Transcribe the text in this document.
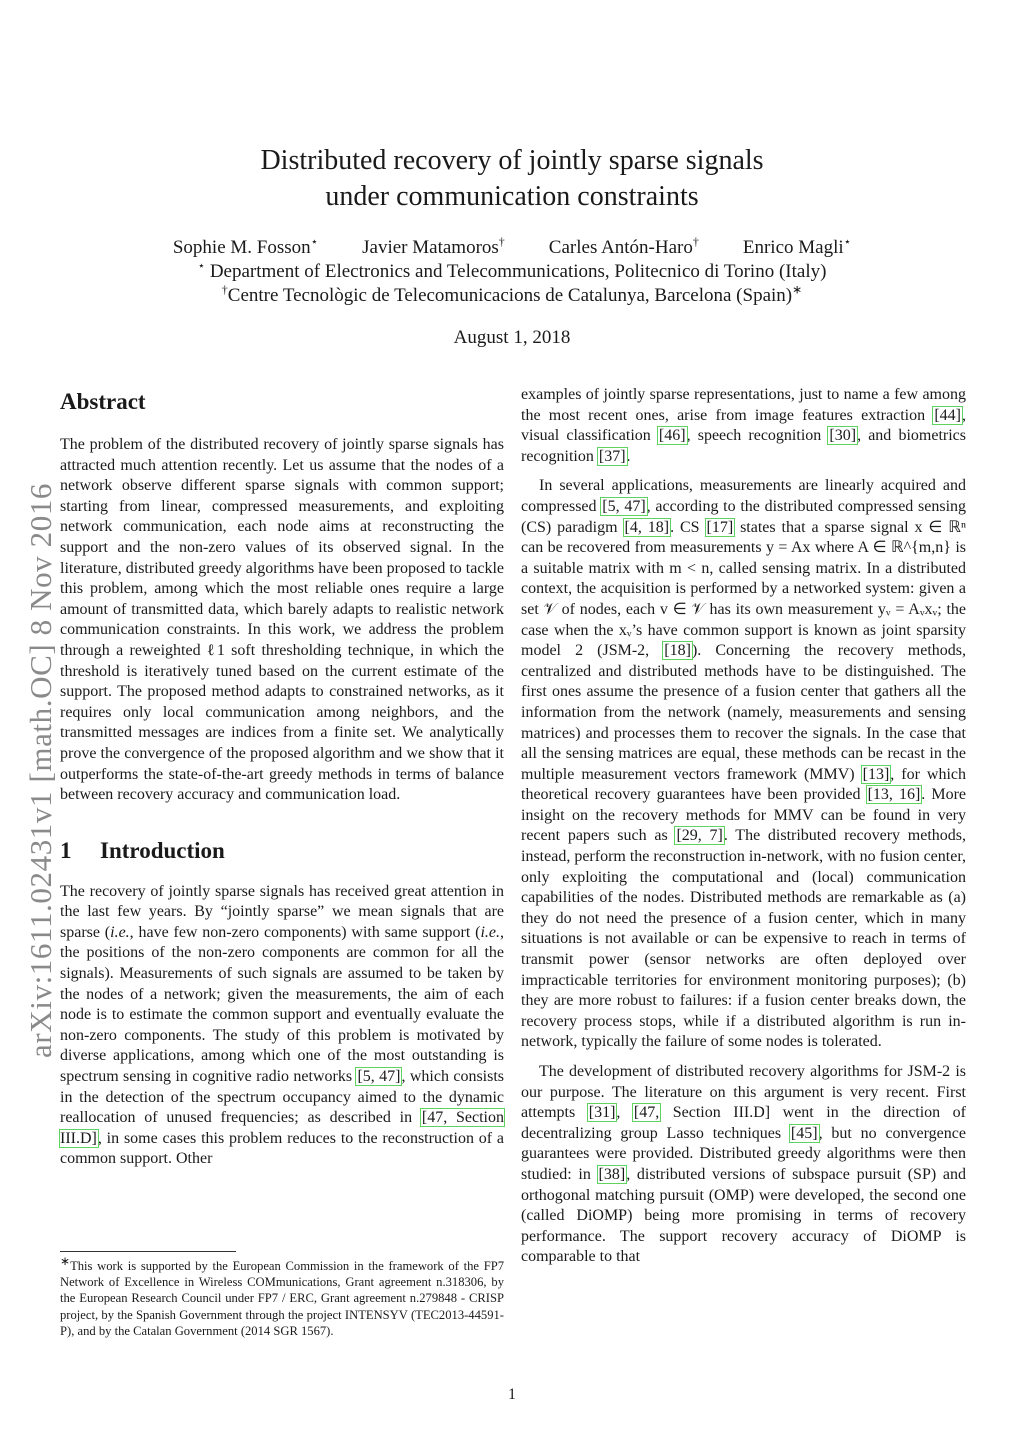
arXiv:1611.02431v1 [math.OC] 8 Nov 2016
Distributed recovery of jointly sparse signals
under communication constraints
Sophie M. Fosson⋆ Javier Matamoros† Carles Antón-Haro† Enrico Magli⋆
⋆ Department of Electronics and Telecommunications, Politecnico di Torino (Italy)
†Centre Tecnològic de Telecomunicacions de Catalunya, Barcelona (Spain)∗
August 1, 2018
Abstract

The problem of the distributed recovery of jointly sparse signals has attracted much attention recently. Let us assume that the nodes of a network observe different sparse signals with common support; starting from linear, compressed measurements, and exploiting network communication, each node aims at reconstructing the support and the non-zero values of its observed signal. In the literature, distributed greedy algorithms have been proposed to tackle this problem, among which the most reliable ones require a large amount of transmitted data, which barely adapts to realistic network communication constraints. In this work, we address the problem through a reweighted ℓ1 soft thresholding technique, in which the threshold is iteratively tuned based on the current estimate of the support. The proposed method adapts to constrained networks, as it requires only local communication among neighbors, and the transmitted messages are indices from a finite set. We analytically prove the convergence of the proposed algorithm and we show that it outperforms the state-of-the-art greedy methods in terms of balance between recovery accuracy and communication load.

1 Introduction

The recovery of jointly sparse signals has received great attention in the last few years. By “jointly sparse” we mean signals that are sparse (i.e., have few non-zero components) with same support (i.e., the positions of the non-zero components are common for all the signals). Measurements of such signals are assumed to be taken by the nodes of a network; given the measurements, the aim of each node is to estimate the common support and eventually evaluate the non-zero components. The study of this problem is motivated by diverse applications, among which one of the most outstanding is spectrum sensing in cognitive radio networks [5, 47], which consists in the detection of the spectrum occupancy aimed to the dynamic reallocation of unused frequencies; as described in [47, Section III.D], in some cases this problem reduces to the reconstruction of a common support. Other

examples of jointly sparse representations, just to name a few among the most recent ones, arise from image features extraction [44], visual classification [46], speech recognition [30], and biometrics recognition [37].

In several applications, measurements are linearly acquired and compressed [5, 47], according to the distributed compressed sensing (CS) paradigm [4, 18]. CS [17] states that a sparse signal x ∈ ℝⁿ can be recovered from measurements y = Ax where A ∈ ℝ^{m,n} is a suitable matrix with m < n, called sensing matrix. In a distributed context, the acquisition is performed by a networked system: given a set 𝒱 of nodes, each v ∈ 𝒱 has its own measurement yᵥ = Aᵥxᵥ; the case when the xᵥ’s have common support is known as joint sparsity model 2 (JSM-2, [18]). Concerning the recovery methods, centralized and distributed methods have to be distinguished. The first ones assume the presence of a fusion center that gathers all the information from the network (namely, measurements and sensing matrices) and processes them to recover the signals. In the case that all the sensing matrices are equal, these methods can be recast in the multiple measurement vectors framework (MMV) [13], for which theoretical recovery guarantees have been provided [13, 16]. More insight on the recovery methods for MMV can be found in very recent papers such as [29, 7]. The distributed recovery methods, instead, perform the reconstruction in-network, with no fusion center, only exploiting the computational and (local) communication capabilities of the nodes. Distributed methods are remarkable as (a) they do not need the presence of a fusion center, which in many situations is not available or can be expensive to reach in terms of transmit power (sensor networks are often deployed over impracticable territories for environment monitoring purposes); (b) they are more robust to failures: if a fusion center breaks down, the recovery process stops, while if a distributed algorithm is run in-network, typically the failure of some nodes is tolerated.

The development of distributed recovery algorithms for JSM-2 is our purpose. The literature on this argument is very recent. First attempts [31], [47, Section III.D] went in the direction of decentralizing group Lasso techniques [45], but no convergence guarantees were provided. Distributed greedy algorithms were then studied: in [38], distributed versions of subspace pursuit (SP) and orthogonal matching pursuit (OMP) were developed, the second one (called DiOMP) being more promising in terms of recovery performance. The support recovery accuracy of DiOMP is comparable to that

∗This work is supported by the European Commission in the framework of the FP7 Network of Excellence in Wireless COMmunications, Grant agreement n.318306, by the European Research Council under FP7 / ERC, Grant agreement n.279848 - CRISP project, by the Spanish Government through the project INTENSYV (TEC2013-44591-P), and by the Catalan Government (2014 SGR 1567).
1
